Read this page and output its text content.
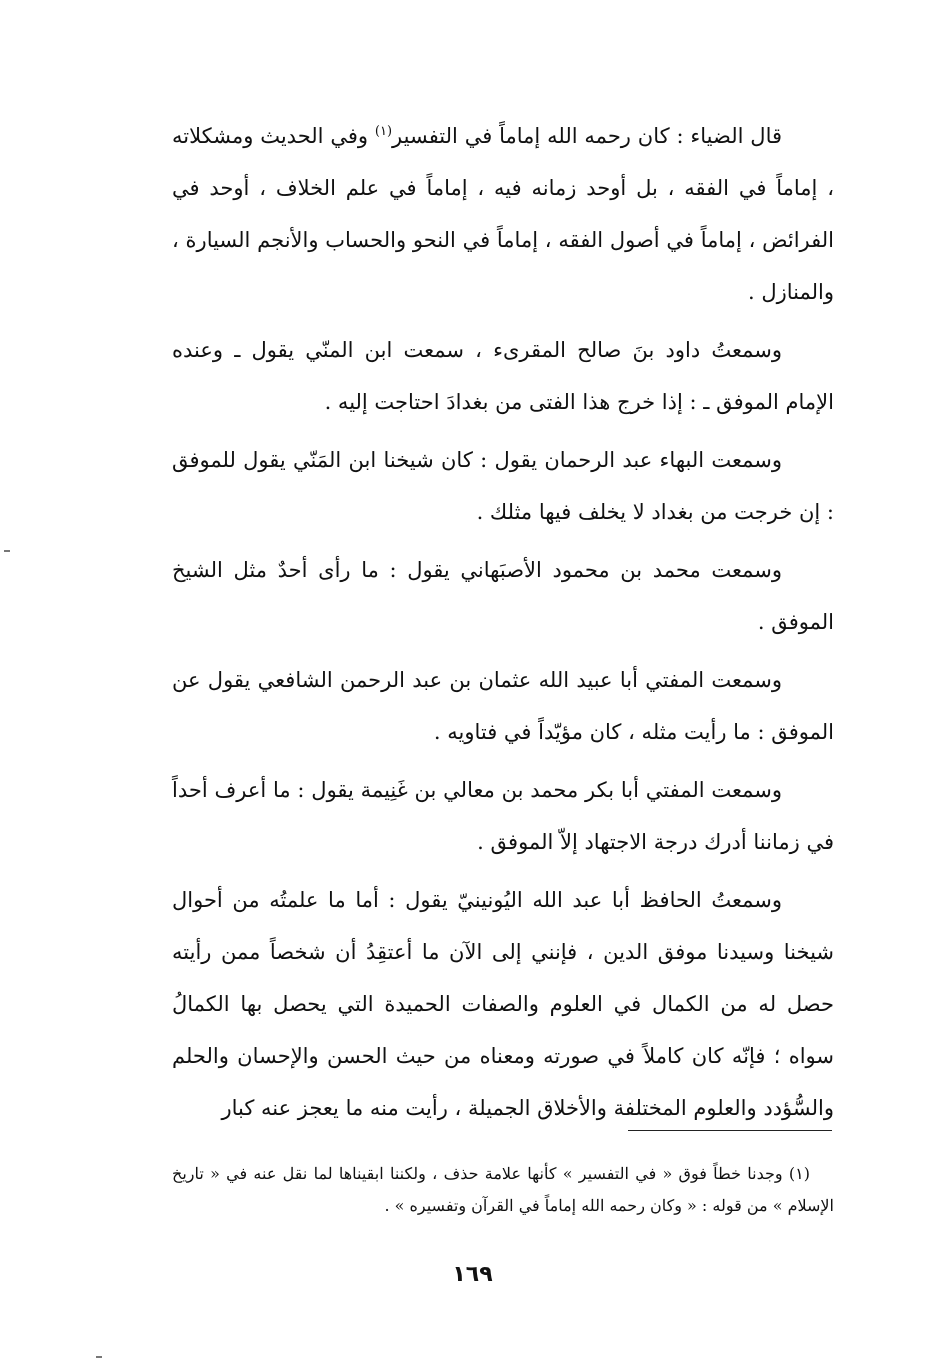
قال الضياء : كان رحمه الله إماماً في التفسير$^{(١)}$ وفي الحديث ومشكلاته ، إماماً في الفقه ، بل أوحد زمانه فيه ، إماماً في علم الخلاف ، أوحد في الفرائض ، إماماً في أصول الفقه ، إماماً في النحو والحساب والأنجم السيارة ، والمنازل .

وسمعتُ داود بنَ صالح المقرىء ، سمعت ابن المنّي يقول ـ وعنده الإمام الموفق ـ : إذا خرج هذا الفتى من بغدادَ احتاجت إليه .

وسمعت البهاء عبد الرحمان يقول : كان شيخنا ابن المَنّي يقول للموفق : إن خرجت من بغداد لا يخلف فيها مثلك .

وسمعت محمد بن محمود الأصبَهاني يقول : ما رأى أحدٌ مثل الشيخ الموفق .

وسمعت المفتي أبا عبيد الله عثمان بن عبد الرحمن الشافعي يقول عن الموفق : ما رأيت مثله ، كان مؤيّداً في فتاويه .

وسمعت المفتي أبا بكر محمد بن معالي بن غَنِيمة يقول : ما أعرف أحداً في زماننا أدرك درجة الاجتهاد إلاّ الموفق .

وسمعتُ الحافظ أبا عبد الله اليُونينيّ يقول : أما ما علمتُه من أحوال شيخنا وسيدنا موفق الدين ، فإنني إلى الآن ما أعتقِدُ أن شخصاً ممن رأيته حصل له من الكمال في العلوم والصفات الحميدة التي يحصل بها الكمالُ سواه ؛ فإنّه كان كاملاً في صورته ومعناه من حيث الحسن والإحسان والحلم والسُّؤدد والعلوم المختلفة والأخلاق الجميلة ، رأيت منه ما يعجز عنه كبار

(١) وجدنا خطاً فوق « في التفسير » كأنها علامة حذف ، ولكننا ابقيناها لما نقل عنه في « تاريخ الإسلام » من قوله : « وكان رحمه الله إماماً في القرآن وتفسيره » .

١٦٩
